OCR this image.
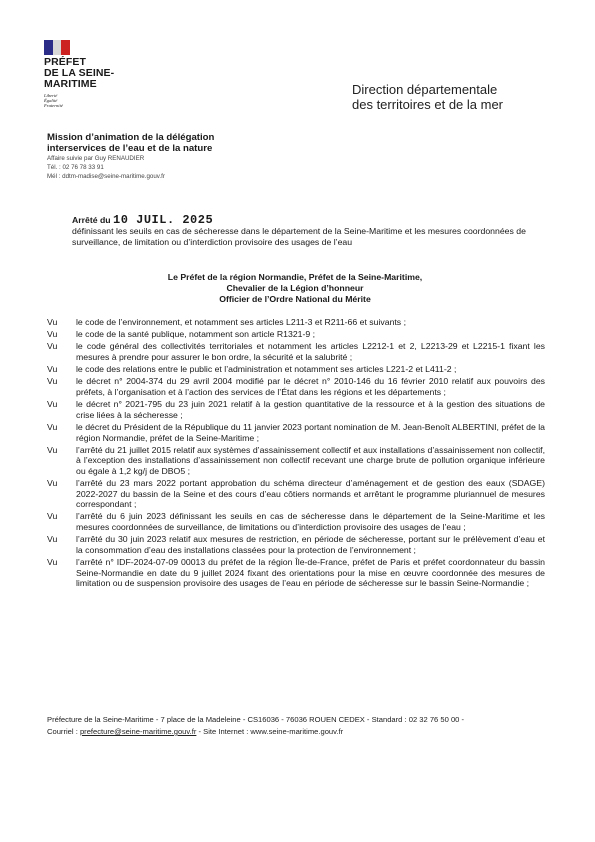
PRÉFET
DE LA SEINE-
MARITIME
Liberté
Égalité
Fraternité
Direction départementale
des territoires et de la mer
Mission d’animation de la délégation
interservices de l’eau et de la nature
Affaire suivie par Guy RENAUDIER
Tél. : 02 76 78 33 91
Mél : ddtm-madise@seine-maritime.gouv.fr
Arrêté du 10 JUIL. 2025
définissant les seuils en cas de sécheresse dans le département de la Seine-Maritime et les mesures coordonnées de surveillance, de limitation ou d’interdiction provisoire des usages de l’eau
Le Préfet de la région Normandie, Préfet de la Seine-Maritime,
Chevalier de la Légion d’honneur
Officier de l’Ordre National du Mérite
Vu	le code de l’environnement, et notamment ses articles L211-3 et R211-66 et suivants ;
Vu	le code de la santé publique, notamment son article R1321-9 ;
Vu	le code général des collectivités territoriales et notamment les articles L2212-1 et 2, L2213-29 et L2215-1 fixant les mesures à prendre pour assurer le bon ordre, la sécurité et la salubrité ;
Vu	le code des relations entre le public et l’administration et notamment ses articles L221-2 et L411-2 ;
Vu	le décret n° 2004-374 du 29 avril 2004 modifié par le décret n° 2010-146 du 16 février 2010 relatif aux pouvoirs des préfets, à l’organisation et à l’action des services de l’État dans les régions et les départements ;
Vu	le décret n° 2021-795 du 23 juin 2021 relatif à la gestion quantitative de la ressource et à la gestion des situations de crise liées à la sécheresse ;
Vu	le décret du Président de la République du 11 janvier 2023 portant nomination de M. Jean-Benoît ALBERTINI, préfet de la région Normandie, préfet de la Seine-Maritime ;
Vu	l’arrêté du 21 juillet 2015 relatif aux systèmes d’assainissement collectif et aux installations d’assainissement non collectif, à l’exception des installations d’assainissement non collectif recevant une charge brute de pollution organique inférieure ou égale à 1,2 kg/j de DBO5 ;
Vu	l’arrêté du 23 mars 2022 portant approbation du schéma directeur d’aménagement et de gestion des eaux (SDAGE) 2022-2027 du bassin de la Seine et des cours d’eau côtiers normands et arrêtant le programme pluriannuel de mesures correspondant ;
Vu	l’arrêté du 6 juin 2023 définissant les seuils en cas de sécheresse dans le département de la Seine-Maritime et les mesures coordonnées de surveillance, de limitations ou d’interdiction provisoire des usages de l’eau ;
Vu	l’arrêté du 30 juin 2023 relatif aux mesures de restriction, en période de sécheresse, portant sur le prélèvement d’eau et la consommation d’eau des installations classées pour la protection de l’environnement ;
Vu	l’arrêté n° IDF-2024-07-09 00013 du préfet de la région Île-de-France, préfet de Paris et préfet coordonnateur du bassin Seine-Normandie en date du 9 juillet 2024 fixant des orientations pour la mise en œuvre coordonnée des mesures de limitation ou de suspension provisoire des usages de l’eau en période de sécheresse sur le bassin Seine-Normandie ;
Préfecture de la Seine-Maritime - 7 place de la Madeleine - CS16036 - 76036 ROUEN CEDEX - Standard : 02 32 76 50 00 -
Courriel : prefecture@seine-maritime.gouv.fr - Site Internet : www.seine-maritime.gouv.fr
